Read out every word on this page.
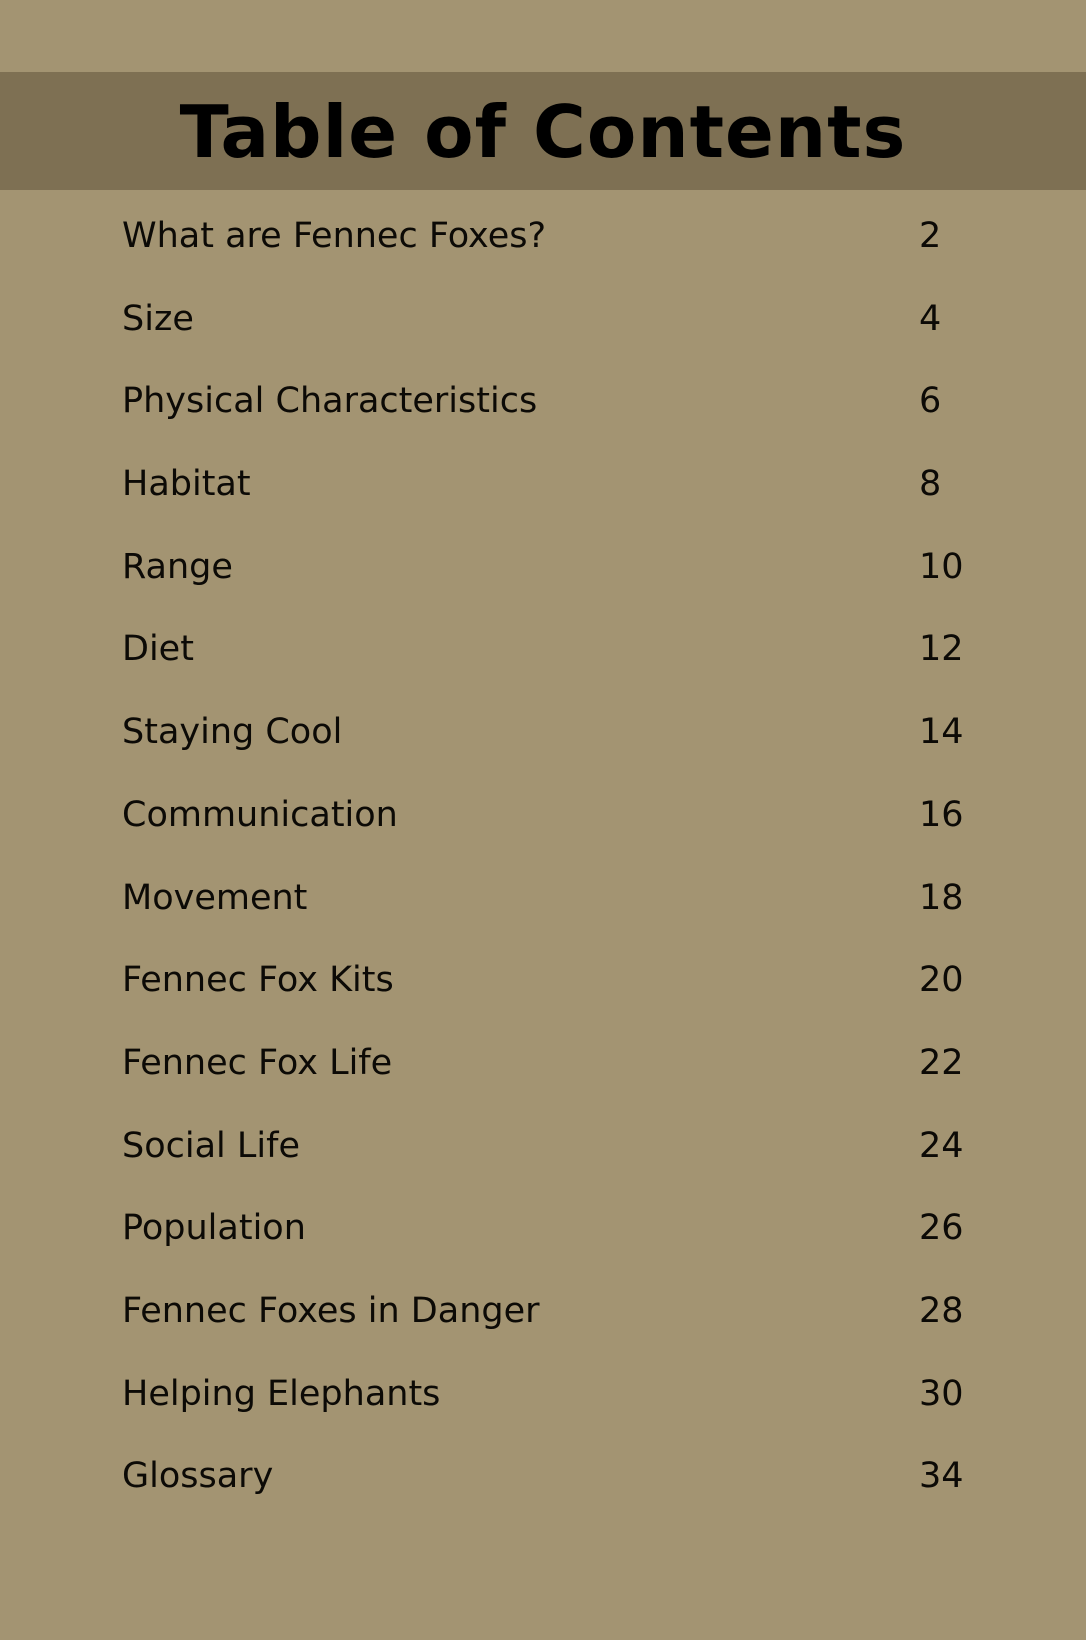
Table of Contents
What are Fennec Foxes?	2
Size	4
Physical Characteristics	6
Habitat	8
Range	10
Diet	12
Staying Cool	14
Communication	16
Movement	18
Fennec Fox Kits	20
Fennec Fox Life	22
Social Life	24
Population	26
Fennec Foxes in Danger	28
Helping Elephants	30
Glossary	34
